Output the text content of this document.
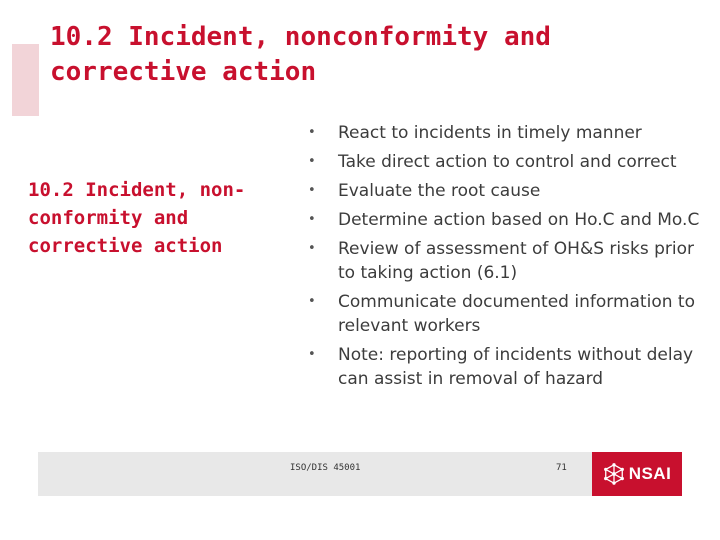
10.2 Incident, nonconformity and corrective action
10.2 Incident, non-conformity and corrective action
• React to incidents in timely manner
• Take direct action to control and correct
• Evaluate the root cause
• Determine action based on Ho.C and Mo.C
• Review of assessment of OH&S risks prior to taking action (6.1)
• Communicate documented information to relevant workers
• Note: reporting of incidents without delay can assist in removal of hazard
ISO/DIS 45001	71	NSAI
